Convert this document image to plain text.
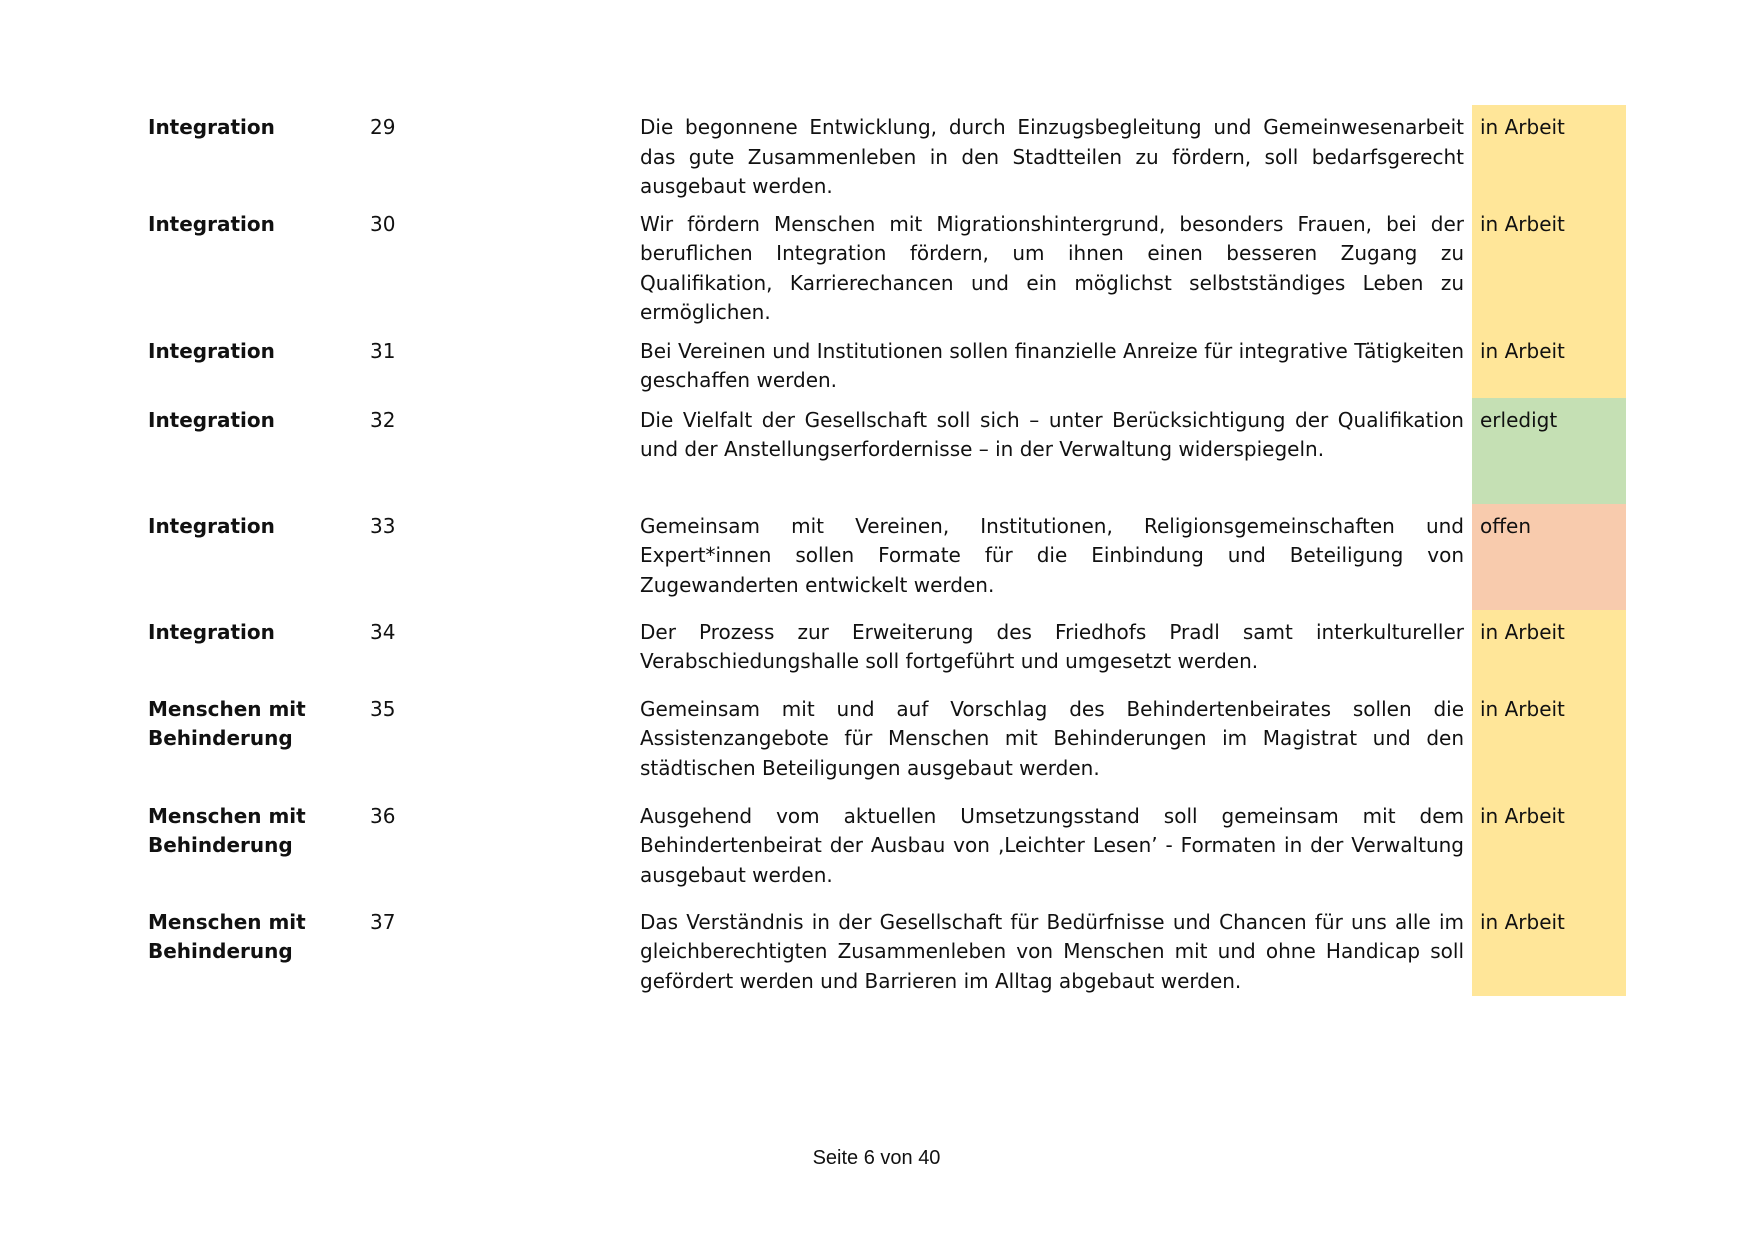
Integration	29	Die begonnene Entwicklung, durch Einzugsbegleitung und Gemeinwesenarbeit das gute Zusammenleben in den Stadtteilen zu fördern, soll bedarfsgerecht ausgebaut werden.	in Arbeit
Integration	30	Wir fördern Menschen mit Migrationshintergrund, besonders Frauen, bei der beruflichen Integration fördern, um ihnen einen besseren Zugang zu Qualifikation, Karrierechancen und ein möglichst selbstständiges Leben zu ermöglichen.	in Arbeit
Integration	31	Bei Vereinen und Institutionen sollen finanzielle Anreize für integrative Tätigkeiten geschaffen werden.	in Arbeit
Integration	32	Die Vielfalt der Gesellschaft soll sich – unter Berücksichtigung der Qualifikation und der Anstellungserfordernisse – in der Verwaltung widerspiegeln.	erledigt
Integration	33	Gemeinsam mit Vereinen, Institutionen, Religionsgemeinschaften und Expert*innen sollen Formate für die Einbindung und Beteiligung von Zugewanderten entwickelt werden.	offen
Integration	34	Der Prozess zur Erweiterung des Friedhofs Pradl samt interkultureller Verabschiedungshalle soll fortgeführt und umgesetzt werden.	in Arbeit
Menschen mit Behinderung	35	Gemeinsam mit und auf Vorschlag des Behindertenbeirates sollen die Assistenzangebote für Menschen mit Behinderungen im Magistrat und den städtischen Beteiligungen ausgebaut werden.	in Arbeit
Menschen mit Behinderung	36	Ausgehend vom aktuellen Umsetzungsstand soll gemeinsam mit dem Behindertenbeirat der Ausbau von ‚Leichter Lesen’ - Formaten in der Verwaltung ausgebaut werden.	in Arbeit
Menschen mit Behinderung	37	Das Verständnis in der Gesellschaft für Bedürfnisse und Chancen für uns alle im gleichberechtigten Zusammenleben von Menschen mit und ohne Handicap soll gefördert werden und Barrieren im Alltag abgebaut werden.	in Arbeit
Seite 6 von 40
